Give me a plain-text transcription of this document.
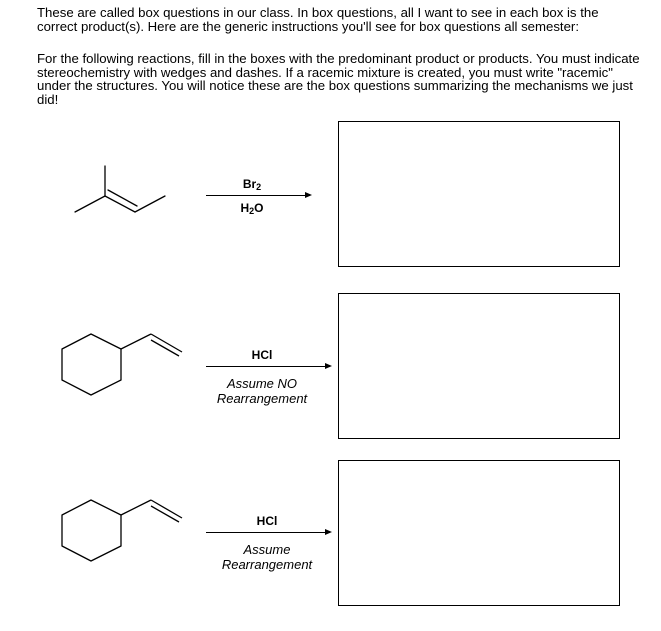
These are called box questions in our class. In box questions, all I want to see in each box is the correct product(s). Here are the generic instructions you'll see for box questions all semester:

For the following reactions, fill in the boxes with the predominant product or products. You must indicate stereochemistry with wedges and dashes. If a racemic mixture is created, you must write "racemic" under the structures. You will notice these are the box questions summarizing the mechanisms we just did!

$Br_2$
$H_2O$
HCl
Assume NO
Rearrangement
HCl
Assume
Rearrangement
